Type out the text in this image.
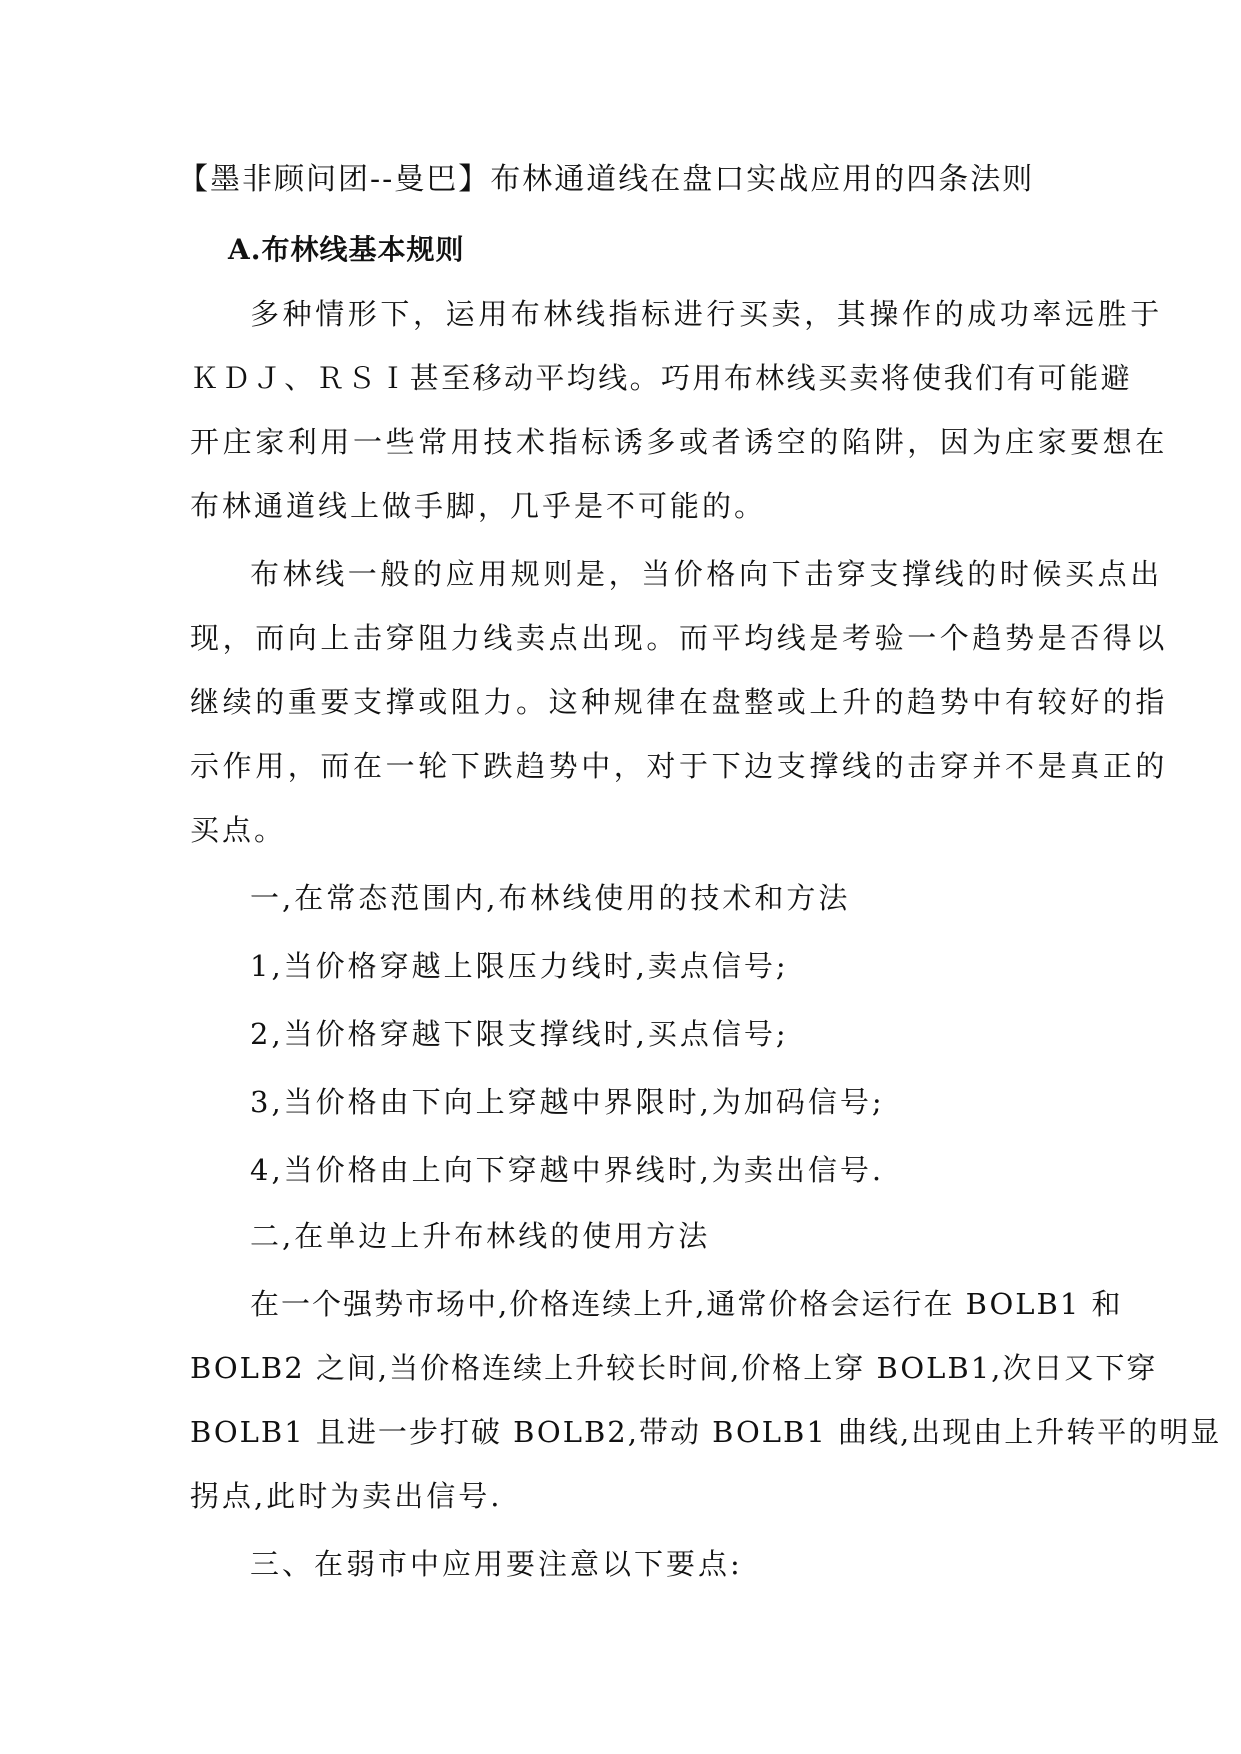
【墨非顾问团--曼巴】布林通道线在盘口实战应用的四条法则
A.布林线基本规则
多种情形下，运用布林线指标进行买卖，其操作的成功率远胜于
ＫＤＪ、ＲＳＩ甚至移动平均线。巧用布林线买卖将使我们有可能避
开庄家利用一些常用技术指标诱多或者诱空的陷阱，因为庄家要想在
布林通道线上做手脚，几乎是不可能的。
布林线一般的应用规则是，当价格向下击穿支撑线的时候买点出
现，而向上击穿阻力线卖点出现。而平均线是考验一个趋势是否得以
继续的重要支撑或阻力。这种规律在盘整或上升的趋势中有较好的指
示作用，而在一轮下跌趋势中，对于下边支撑线的击穿并不是真正的
买点。
一,在常态范围内,布林线使用的技术和方法
1,当价格穿越上限压力线时,卖点信号;
2,当价格穿越下限支撑线时,买点信号;
3,当价格由下向上穿越中界限时,为加码信号;
4,当价格由上向下穿越中界线时,为卖出信号.
二,在单边上升布林线的使用方法
在一个强势市场中,价格连续上升,通常价格会运行在 BOLB1 和
BOLB2 之间,当价格连续上升较长时间,价格上穿 BOLB1,次日又下穿
BOLB1 且进一步打破 BOLB2,带动 BOLB1 曲线,出现由上升转平的明显
拐点,此时为卖出信号.
三、在弱市中应用要注意以下要点:
